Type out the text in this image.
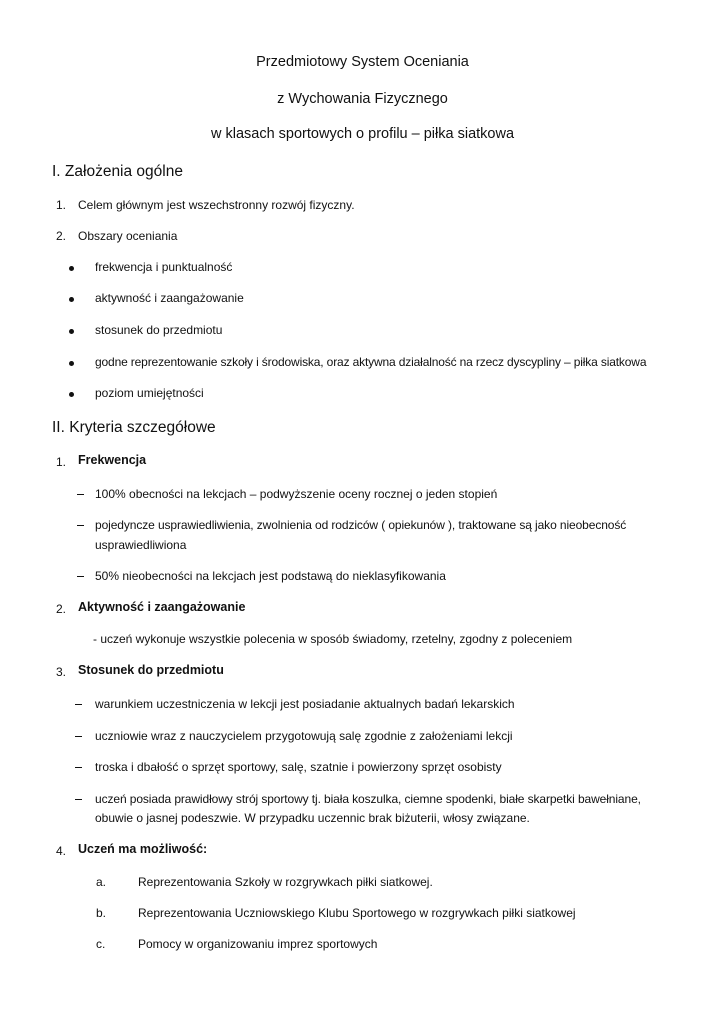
Przedmiotowy System Oceniania
z Wychowania Fizycznego
w klasach sportowych o profilu – piłka siatkowa
I. Założenia ogólne
1. Celem głównym jest wszechstronny rozwój fizyczny.
2. Obszary oceniania
frekwencja i punktualność
aktywność i zaangażowanie
stosunek do przedmiotu
godne reprezentowanie szkoły i środowiska, oraz aktywna działalność na rzecz dyscypliny – piłka siatkowa
poziom umiejętności
II. Kryteria szczegółowe
1. Frekwencja
100% obecności na lekcjach – podwyższenie oceny rocznej o jeden stopień
pojedyncze usprawiedliwienia, zwolnienia od rodziców ( opiekunów ), traktowane są jako nieobecność
usprawiedliwiona
50% nieobecności na lekcjach jest podstawą do nieklasyfikowania
2. Aktywność i zaangażowanie
- uczeń wykonuje wszystkie polecenia w sposób świadomy, rzetelny, zgodny z poleceniem
3. Stosunek do przedmiotu
warunkiem uczestniczenia w lekcji jest posiadanie aktualnych badań lekarskich
uczniowie wraz z nauczycielem przygotowują salę zgodnie z założeniami lekcji
troska i dbałość o sprzęt sportowy, salę, szatnie i powierzony sprzęt osobisty
uczeń posiada prawidłowy strój sportowy tj. biała koszulka, ciemne spodenki, białe skarpetki bawełniane,
obuwie o jasnej podeszwie. W przypadku uczennic brak biżuterii, włosy związane.
4. Uczeń ma możliwość:
a.	Reprezentowania Szkoły w rozgrywkach piłki siatkowej.
b.	Reprezentowania Uczniowskiego Klubu Sportowego w rozgrywkach piłki siatkowej
c.	Pomocy w organizowaniu imprez sportowych
